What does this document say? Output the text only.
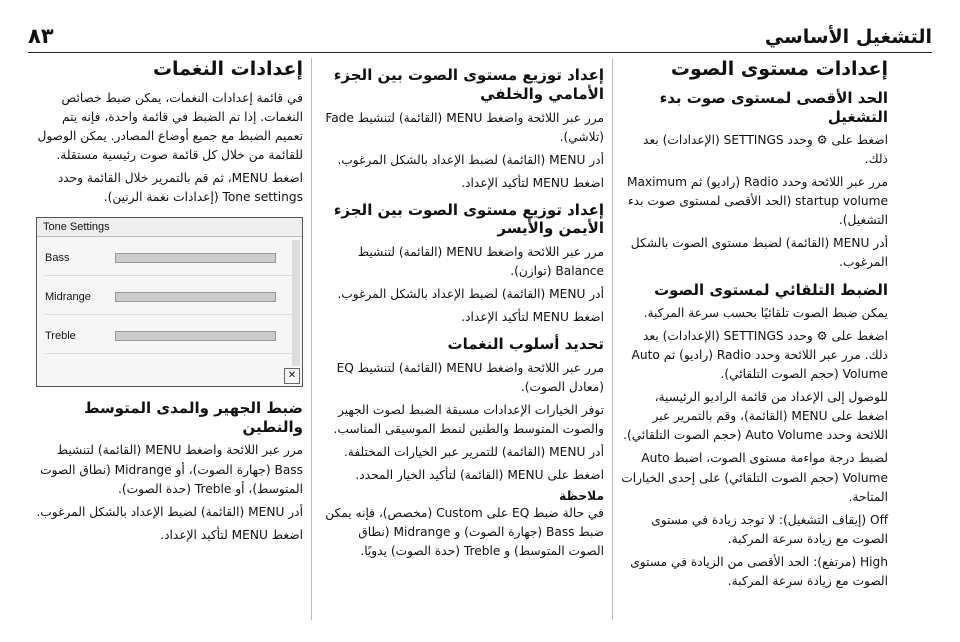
التشغيل الأساسي
٨٣
إعدادات النغمات

في قائمة إعدادات النغمات، يمكن ضبط خصائص النغمات. إذا تم الضبط في قائمة واحدة، فإنه يتم تعميم الضبط مع جميع أوضاع المصادر. يمكن الوصول للقائمة من خلال كل قائمة صوت رئيسية مستقلة.

اضغط MENU، ثم قم بالتمرير خلال القائمة وحدد Tone settings (إعدادات نغمة الرنين).

Tone Settings
Bass
Midrange
Treble
✕
ضبط الجهير والمدى المتوسط والنطين

مرر عبر اللائحة واضغط MENU (القائمة) لتنشيط Bass (جهارة الصوت)، أو Midrange (نطاق الصوت المتوسط)، أو Treble (حدة الصوت).

أدر MENU (القائمة) لضبط الإعداد بالشكل المرغوب.

اضغط MENU لتأكيد الإعداد.

إعداد توزيع مستوى الصوت بين الجزء الأمامي والخلفي

مرر عبر اللائحة واضغط MENU (القائمة) لتنشيط Fade (تلاشي).

أدر MENU (القائمة) لضبط الإعداد بالشكل المرغوب.

اضغط MENU لتأكيد الإعداد.

إعداد توزيع مستوى الصوت بين الجزء الأيمن والأيسر

مرر عبر اللائحة واضغط MENU (القائمة) لتنشيط Balance (توازن).

أدر MENU (القائمة) لضبط الإعداد بالشكل المرغوب.

اضغط MENU لتأكيد الإعداد.

تحديد أسلوب النغمات

مرر عبر اللائحة واضغط MENU (القائمة) لتنشيط EQ (معادل الصوت).

توفر الخيارات الإعدادات مسبقة الضبط لصوت الجهير والصوت المتوسط والطنين لنمط الموسيقى المناسب.

أدر MENU (القائمة) للتمرير عبر الخيارات المختلفة.

اضغط على MENU (القائمة) لتأكيد الخيار المحدد.

ملاحظة

في حالة ضبط EQ على Custom (مخصص)، فإنه يمكن ضبط Bass (جهارة الصوت) و Midrange (نطاق الصوت المتوسط) و Treble (حدة الصوت) يدويًا.

إعدادات مستوى الصوت
الحد الأقصى لمستوى صوت بدء التشغيل

اضغط على ⚙ وحدد SETTINGS (الإعدادات) بعد ذلك.

مرر عبر اللائحة وحدد Radio (راديو) ثم Maximum startup volume (الحد الأقصى لمستوى صوت بدء التشغيل).

أدر MENU (القائمة) لضبط مستوى الصوت بالشكل المرغوب.

الضبط التلقائي لمستوى الصوت

يمكن ضبط الصوت تلقائيًا بحسب سرعة المركبة.

اضغط على ⚙ وحدد SETTINGS (الإعدادات) بعد ذلك. مرر عبر اللائحة وحدد Radio (راديو) ثم Auto Volume (حجم الصوت التلقائي).

للوصول إلى الإعداد من قائمة الراديو الرئيسية، اضغط على MENU (القائمة)، وقم بالتمرير عبر اللائحة وحدد Auto Volume (حجم الصوت التلقائي).

لضبط درجة مواءمة مستوى الصوت، اضبط Auto Volume (حجم الصوت التلقائي) على إحدى الخيارات المتاحة.

Off (إيقاف التشغيل): لا توجد زيادة في مستوى الصوت مع زيادة سرعة المركبة.

High (مرتفع): الحد الأقصى من الزيادة في مستوى الصوت مع زيادة سرعة المركبة.
